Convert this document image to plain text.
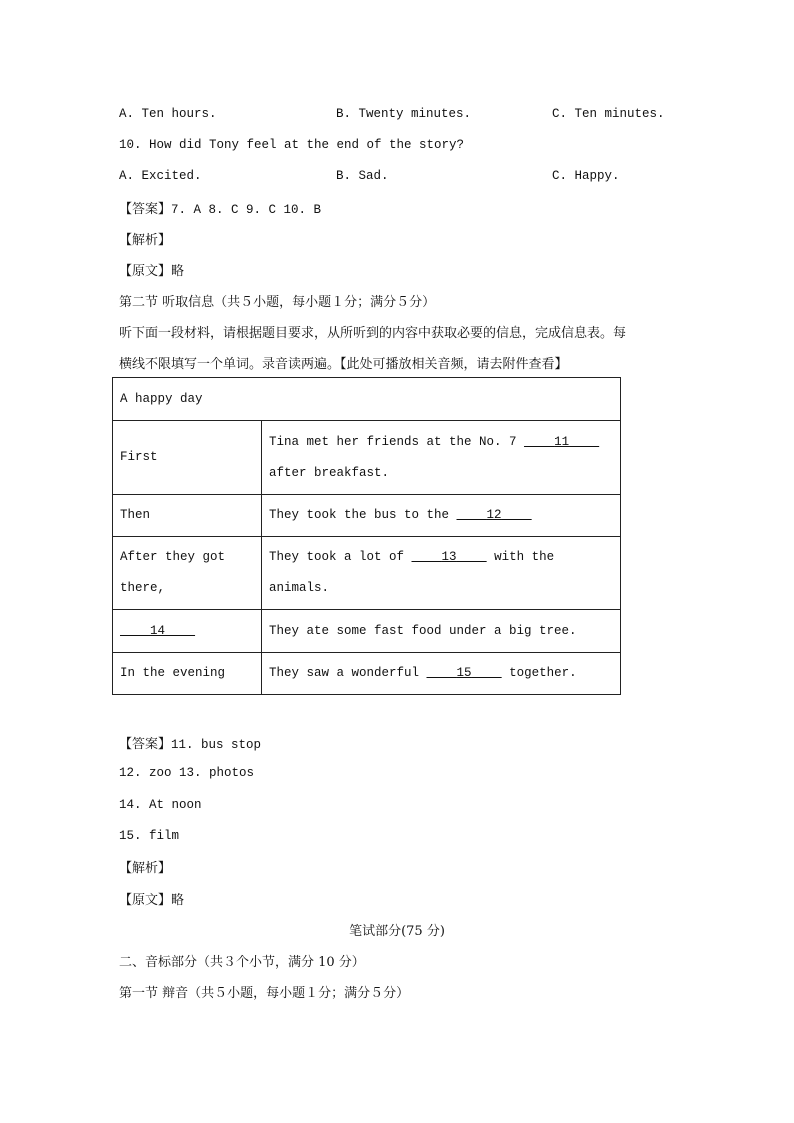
A. Ten hours.	B. Twenty minutes.	C. Ten minutes.
10. How did Tony feel at the end of the story?
A. Excited.	B. Sad.	C. Happy.
【答案】7. A 8. C 9. C 10. B
【解析】
【原文】略
第二节 听取信息（共５小题，每小题１分；满分５分）
听下面一段材料，请根据题目要求，从所听到的内容中获取必要的信息，完成信息表。每
横线不限填写一个单词。录音读两遍。【此处可播放相关音频，请去附件查看】
A happy day	
First	Tina met her friends at the No. 7 ____11____
after breakfast.

Then	They took the bus to the ____12____

After they got
there,	They took a lot of ____13____ with the animals.
____14____	They ate some fast food under a big tree.
In the evening	They saw a wonderful ____15____ together.
【答案】11. bus stop
12. zoo 13. photos
14. At noon
15. film
【解析】
【原文】略
笔试部分(75 分)
二、音标部分（共３个小节，满分 10 分）
第一节 辩音（共５小题，每小题１分；满分５分）
